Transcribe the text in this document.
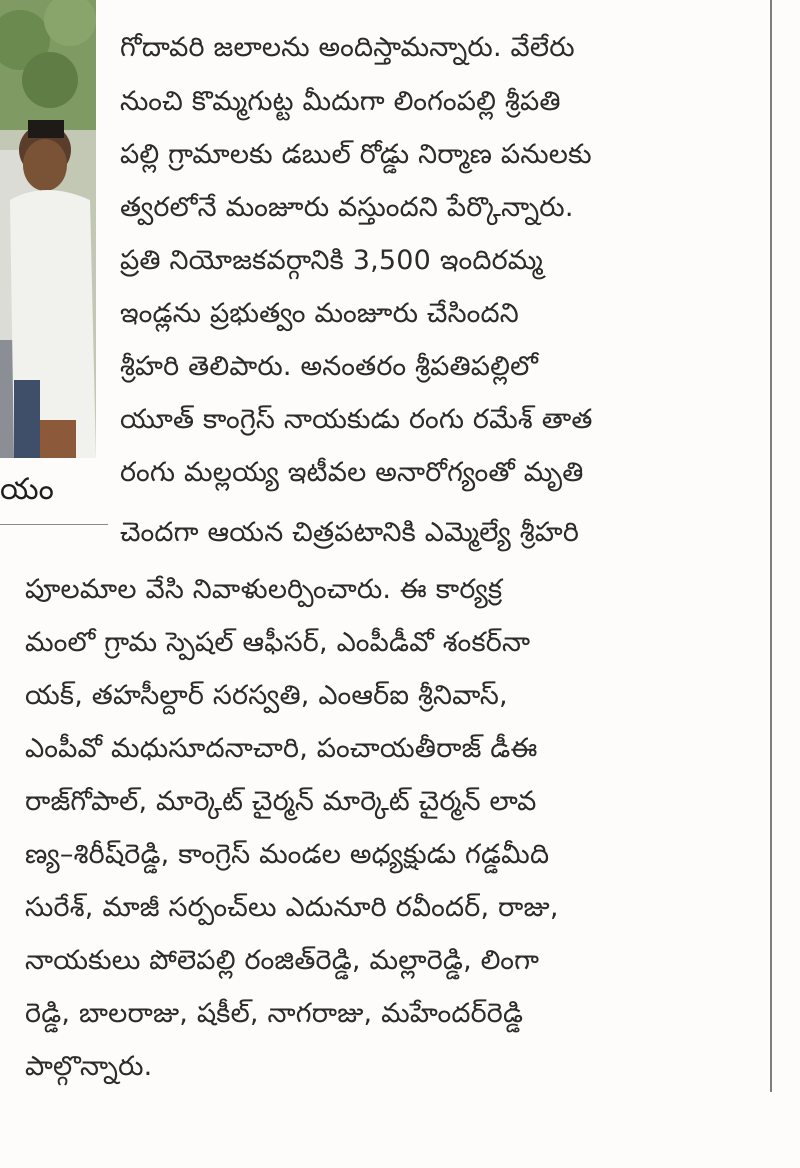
యం
గోదావరి జలాలను అందిస్తామన్నారు. వేలేరు
నుంచి కొమ్మగుట్ట మీదుగా లింగంపల్లి శ్రీపతి
పల్లి గ్రామాలకు డబుల్ రోడ్డు నిర్మాణ పనులకు
త్వరలోనే మంజూరు వస్తుందని పేర్కొన్నారు.
ప్రతి నియోజకవర్గానికి 3,500 ఇందిరమ్మ
ఇండ్లను ప్రభుత్వం మంజూరు చేసిందని
శ్రీహరి తెలిపారు. అనంతరం శ్రీపతిపల్లిలో
యూత్ కాంగ్రెస్ నాయకుడు రంగు రమేశ్ తాత
రంగు మల్లయ్య ఇటీవల అనారోగ్యంతో మృతి
చెందగా ఆయన చిత్రపటానికి ఎమ్మెల్యే శ్రీహరి
పూలమాల వేసి నివాళులర్పించారు. ఈ కార్యక్ర
మంలో గ్రామ స్పెషల్ ఆఫీసర్, ఎంపీడీవో శంకర్‌నా
యక్, తహసీల్దార్ సరస్వతి, ఎంఆర్ఐ శ్రీనివాస్,
ఎంపీవో మధుసూదనాచారి, పంచాయతీరాజ్ డీఈ
రాజ్‌గోపాల్, మార్కెట్ చైర్మన్ మార్కెట్ చైర్మన్ లావ
ణ్య–శిరీష్‌రెడ్డి, కాంగ్రెస్ మండల అధ్యక్షుడు గడ్డమీది
సురేశ్, మాజీ సర్పంచ్‌లు ఎదునూరి రవీందర్, రాజు,
నాయకులు పోలెపల్లి రంజిత్‌రెడ్డి, మల్లారెడ్డి, లింగా
రెడ్డి, బాలరాజు, షకీల్, నాగరాజు, మహేందర్‌రెడ్డి
పాల్గొన్నారు.
